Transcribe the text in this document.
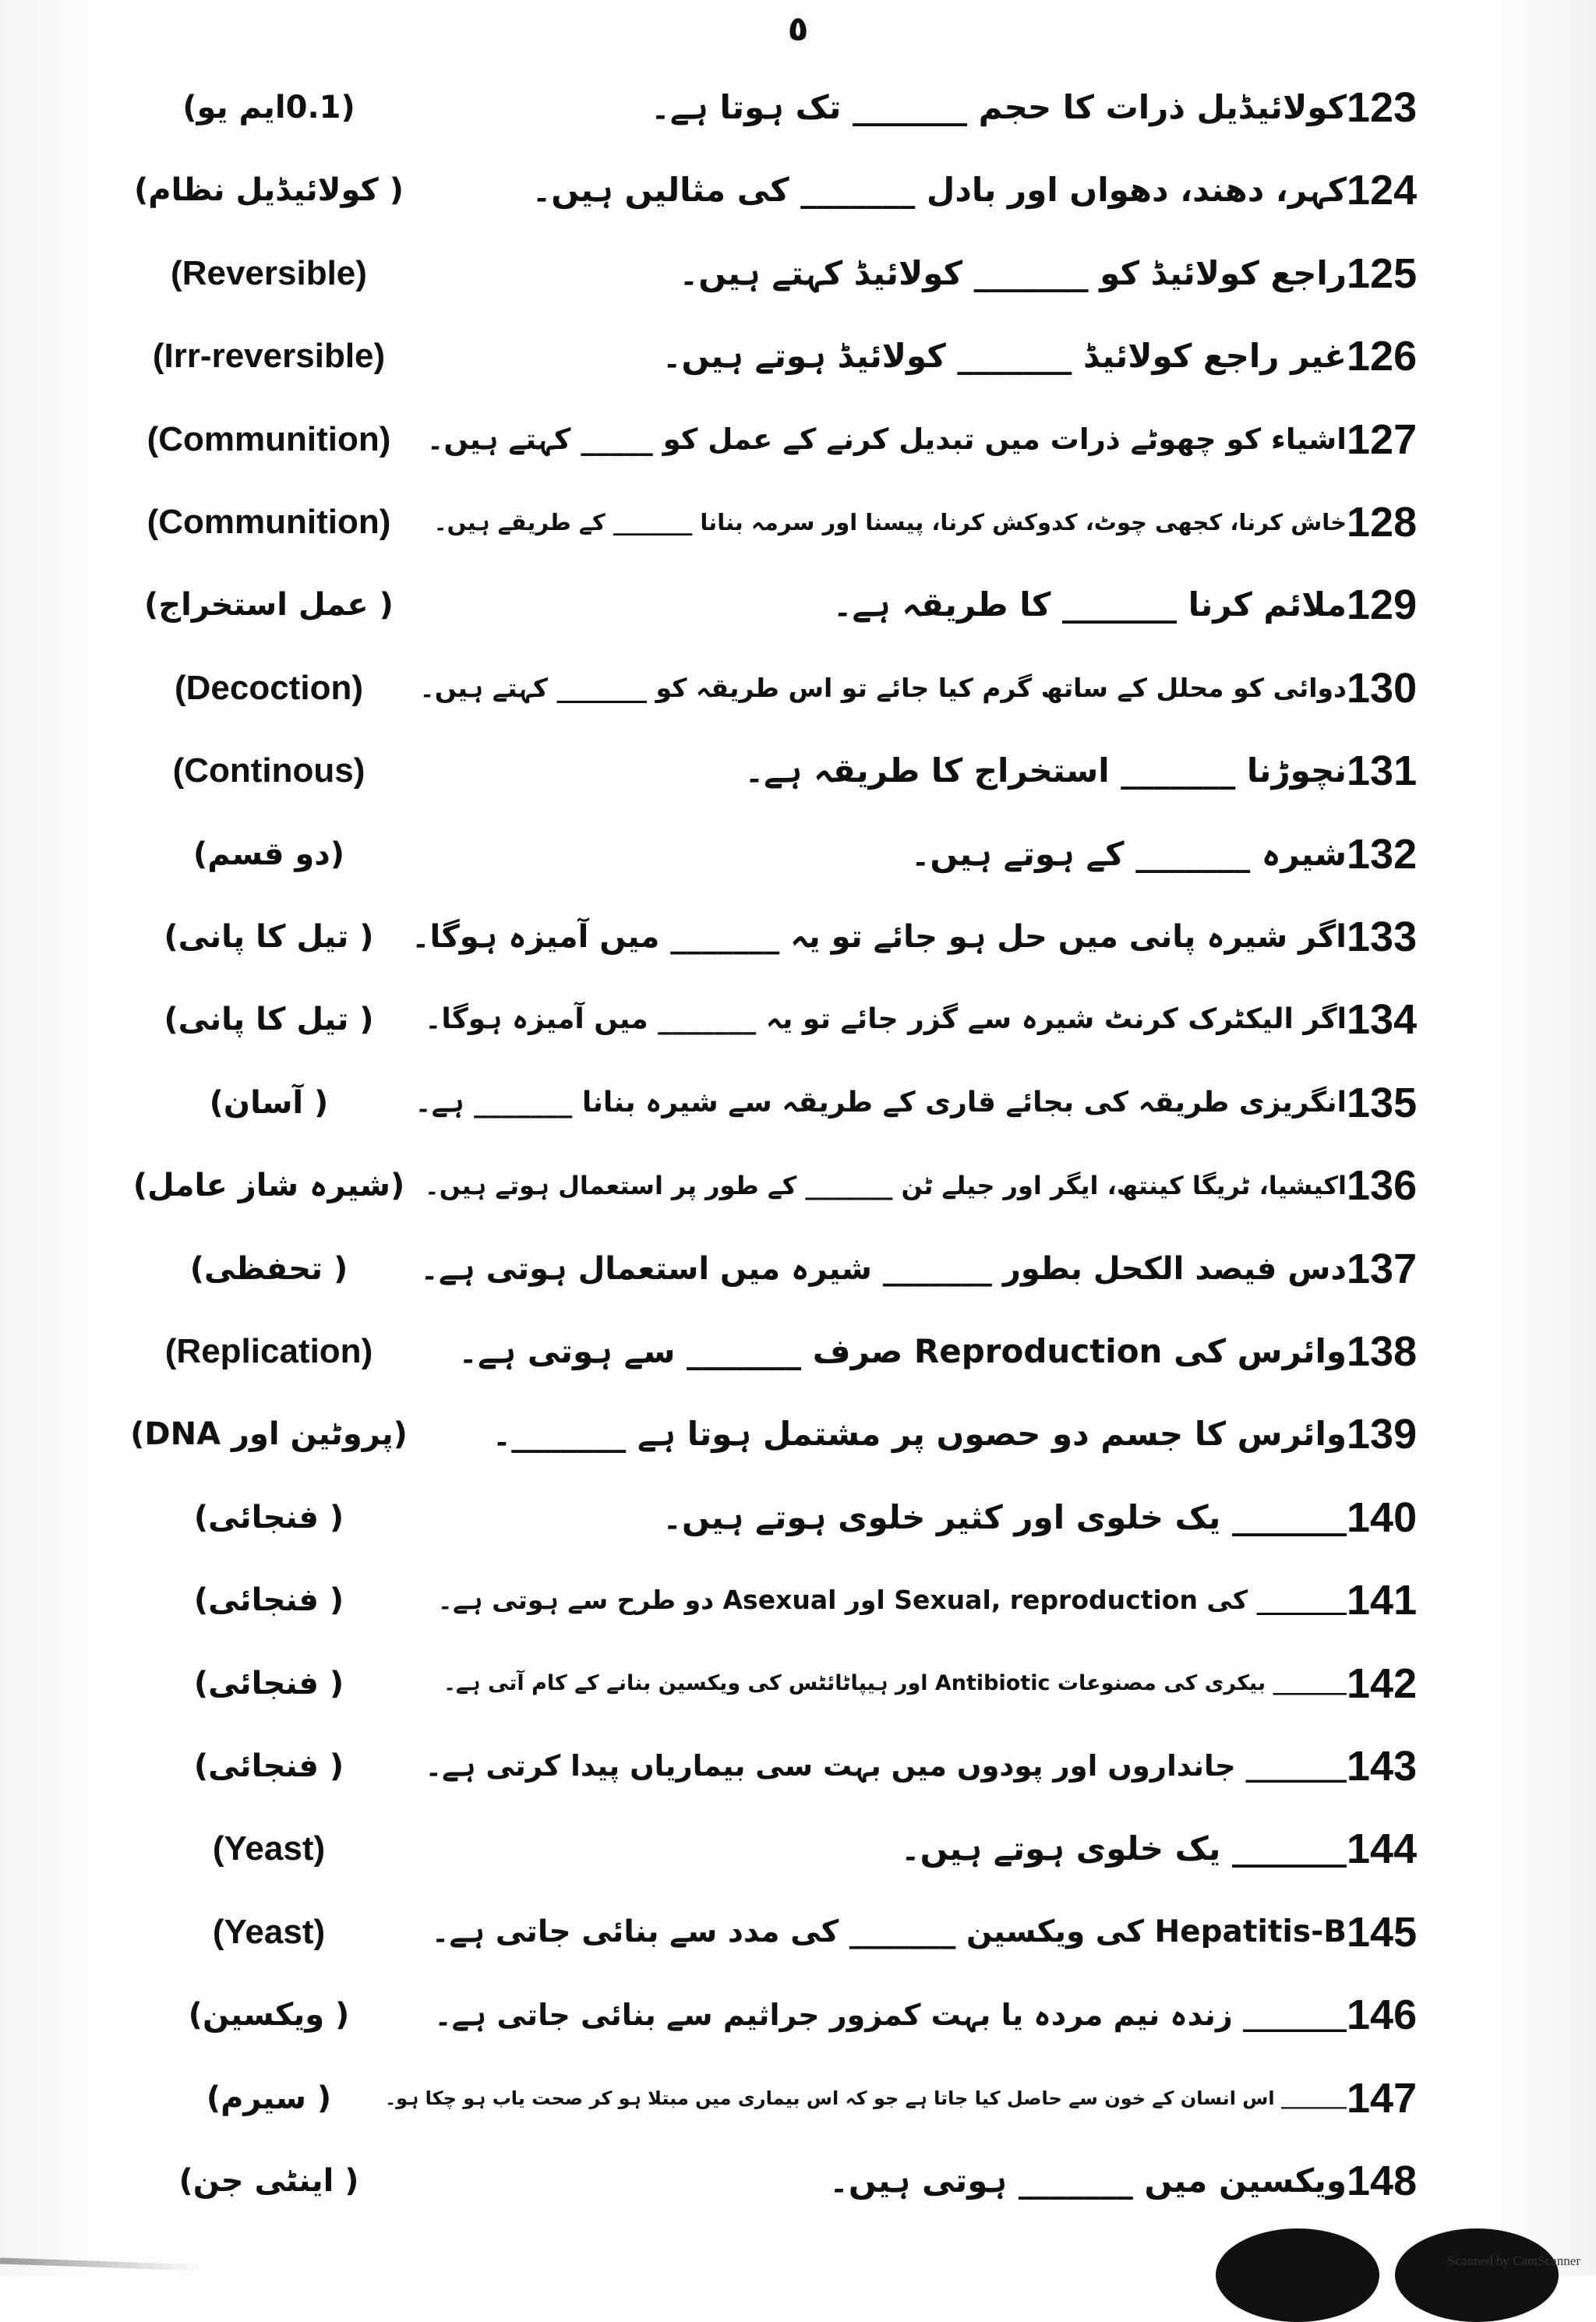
٥
(0.1ایم یو)	کولائیڈیل ذرات کا حجم _______ تک ہوتا ہے۔ 123
( کولائیڈیل نظام)	کہر، دھند، دھواں اور بادل _______ کی مثالیں ہیں۔ 124
(Reversible)	راجع کولائیڈ کو _______ کولائیڈ کہتے ہیں۔ 125
(Irr-reversible)	غیر راجع کولائیڈ _______ کولائیڈ ہوتے ہیں۔ 126
(Communition)	اشیاء کو چھوٹے ذرات میں تبدیل کرنے کے عمل کو _____ کہتے ہیں۔ 127
(Communition)	خاش کرنا، کجھی چوٹ، کدوکش کرنا، پیسنا اور سرمہ بنانا _______ کے طریقے ہیں۔ 128
( عمل استخراج)	ملائم کرنا _______ کا طریقہ ہے۔ 129
(Decoction)	دوائی کو محلل کے ساتھ گرم کیا جائے تو اس طریقہ کو _______ کہتے ہیں۔ 130
(Continous)	نچوڑنا _______ استخراج کا طریقہ ہے۔ 131
(دو قسم)	شیرہ _______ کے ہوتے ہیں۔ 132
( تیل کا پانی)	اگر شیرہ پانی میں حل ہو جائے تو یہ _______ میں آمیزہ ہوگا۔ 133
( تیل کا پانی)	اگر الیکٹرک کرنٹ شیرہ سے گزر جائے تو یہ _______ میں آمیزہ ہوگا۔ 134
( آسان)	انگریزی طریقہ کی بجائے قاری کے طریقہ سے شیرہ بنانا _______ ہے۔ 135
(شیرہ شاز عامل) اکیشیا، ٹریگا کینتھ، ایگر اور جیلے ٹن _______ کے طور پر استعمال ہوتے ہیں۔ 136
( تحفظی)	دس فیصد الکحل بطور _______ شیرہ میں استعمال ہوتی ہے۔ 137
(Replication)	وائرس کی Reproduction صرف _______ سے ہوتی ہے۔ 138
(پروٹین اور DNA)	وائرس کا جسم دو حصوں پر مشتمل ہوتا ہے _______۔ 139
( فنجائی)	_______ یک خلوی اور کثیر خلوی ہوتے ہیں۔ 140
( فنجائی)	_______ کی Sexual, reproduction اور Asexual دو طرح سے ہوتی ہے۔ 141
( فنجائی)	_______ بیکری کی مصنوعات Antibiotic اور ہیپاٹائٹس کی ویکسین بنانے کے کام آتی ہے۔ 142
( فنجائی)	_______ جانداروں اور پودوں میں بہت سی بیماریاں پیدا کرتی ہے۔ 143
(Yeast)	_______ یک خلوی ہوتے ہیں۔ 144
(Yeast)	Hepatitis-B کی ویکسین _______ کی مدد سے بنائی جاتی ہے۔ 145
( ویکسین)	_______ زندہ نیم مردہ یا بہت کمزور جراثیم سے بنائی جاتی ہے۔ 146
( سیرم)	_______ اس انسان کے خون سے حاصل کیا جاتا ہے جو کہ اس بیماری میں مبتلا ہو کر صحت یاب ہو چکا ہو۔ 147
( اینٹی جن)	ویکسین میں _______ ہوتی ہیں۔ 148
Scanned by CamScanner
